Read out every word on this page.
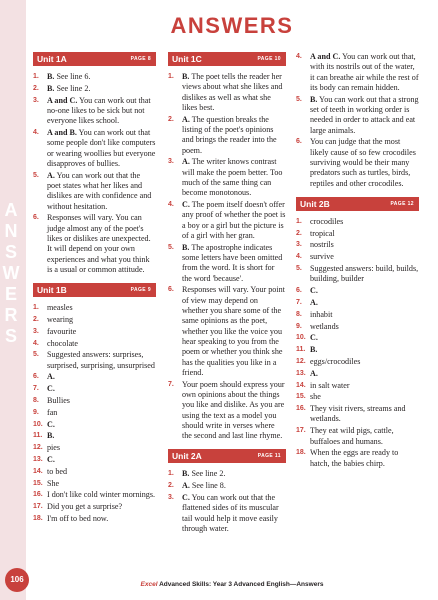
A
N
S
W
E
R
S
106
ANSWERS
Unit 1A	PAGE 8
1.	B. See line 6.
2.	B. See line 2.
3.	A and C. You can work out that no-one likes to be sick but not everyone likes school.
4.	A and B. You can work out that some people don't like computers or wearing woollies but everyone disapproves of bullies.
5.	A. You can work out that the poet states what her likes and dislikes are with confidence and without hesitation.
6.	Responses will vary. You can judge almost any of the poet's likes or dislikes are unexpected. It will depend on your own experiences and what you think is a usual or common attitude.
Unit 1B	PAGE 9
1.	measles
2.	wearing
3.	favourite
4.	chocolate
5.	Suggested answers: surprises, surprised, surprising, unsurprised
6.	A.
7.	C.
8.	Bullies
9.	fan
10. C.
11. B.
12. pies
13. C.
14. to bed
15. She
16. I don't like cold winter mornings.
17. Did you get a surprise?
18. I'm off to bed now.
Unit 1C	PAGE 10
1.	B. The poet tells the reader her views about what she likes and dislikes as well as what she likes best.
2.	A. The question breaks the listing of the poet's opinions and brings the reader into the poem.
3.	A. The writer knows contrast will make the poem better. Too much of the same thing can become monotonous.
4.	C. The poem itself doesn't offer any proof of whether the poet is a boy or a girl but the picture is of a girl with her gran.
5.	B. The apostrophe indicates some letters have been omitted from the word. It is short for the word 'because'.
6.	Responses will vary. Your point of view may depend on whether you share some of the same opinions as the poet, whether you like the voice you hear speaking to you from the poem or whether you think she has the qualities you like in a friend.
7.	Your poem should express your own opinions about the things you like and dislike. As you are using the text as a model you should write in verses where the second and last line rhyme.
Unit 2A	PAGE 11
1.	B. See line 2.
2.	A. See line 8.
3.	C. You can work out that the flattened sides of its muscular tail would help it move easily through water.
4.	A and C. You can work out that, with its nostrils out of the water, it can breathe air while the rest of its body can remain hidden.
5.	B. You can work out that a strong set of teeth in working order is needed in order to attack and eat large animals.
6.	You can judge that the most likely cause of so few crocodiles surviving would be their many predators such as turtles, birds, reptiles and other crocodiles.
Unit 2B	PAGE 12
1.	crocodiles
2.	tropical
3.	nostrils
4.	survive
5.	Suggested answers: build, builds, building, builder
6.	C.
7.	A.
8.	inhabit
9.	wetlands
10. C.
11. B.
12. eggs/crocodiles
13. A.
14. in salt water
15. she
16. They visit rivers, streams and wetlands.
17. They eat wild pigs, cattle, buffaloes and humans.
18. When the eggs are ready to hatch, the babies chirp.
Excel Advanced Skills: Year 3 Advanced English—Answers
